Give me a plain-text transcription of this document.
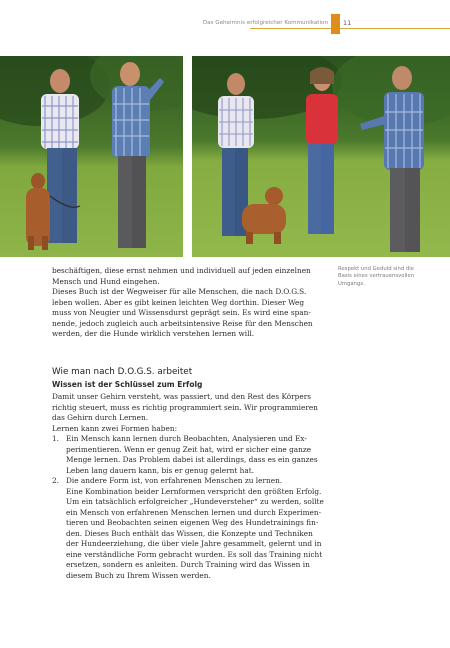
Das Geheimnis erfolgreicher Kommunikation 11
Respekt und Geduld sind die
Basis eines vertrauensvollen
Umgangs.

beschäftigen, diese ernst nehmen und individuell auf jeden einzelnen

Mensch und Hund eingehen.

Dieses Buch ist der Wegweiser für alle Menschen, die nach D.O.G.S.

leben wollen. Aber es gibt keinen leichten Weg dorthin. Dieser Weg

muss von Neugier und Wissensdurst geprägt sein. Es wird eine span-

nende, jedoch zugleich auch arbeitsintensive Reise für den Menschen

werden, der die Hunde wirklich verstehen lernen will.

Wie man nach D.O.G.S. arbeitet
Wissen ist der Schlüssel zum Erfolg

Damit unser Gehirn versteht, was passiert, und den Rest des Körpers

richtig steuert, muss es richtig programmiert sein. Wir programmieren

das Gehirn durch Lernen.

Lernen kann zwei Formen haben:

1. Ein Mensch kann lernen durch Beobachten, Analysieren und Ex-

perimentieren. Wenn er genug Zeit hat, wird er sicher eine ganze

Menge lernen. Das Problem dabei ist allerdings, dass es ein ganzes

Leben lang dauern kann, bis er genug gelernt hat.

2. Die andere Form ist, von erfahrenen Menschen zu lernen.

Eine Kombination beider Lernformen verspricht den größten Erfolg.

Um ein tatsächlich erfolgreicher „Hundeversteher“ zu werden, sollte

ein Mensch von erfahrenen Menschen lernen und durch Experimen-

tieren und Beobachten seinen eigenen Weg des Hundetrainings fin-

den. Dieses Buch enthält das Wissen, die Konzepte und Techniken

der Hundeerziehung, die über viele Jahre gesammelt, gelernt und in

eine verständliche Form gebracht wurden. Es soll das Training nicht

ersetzen, sondern es anleiten. Durch Training wird das Wissen in

diesem Buch zu Ihrem Wissen werden.
